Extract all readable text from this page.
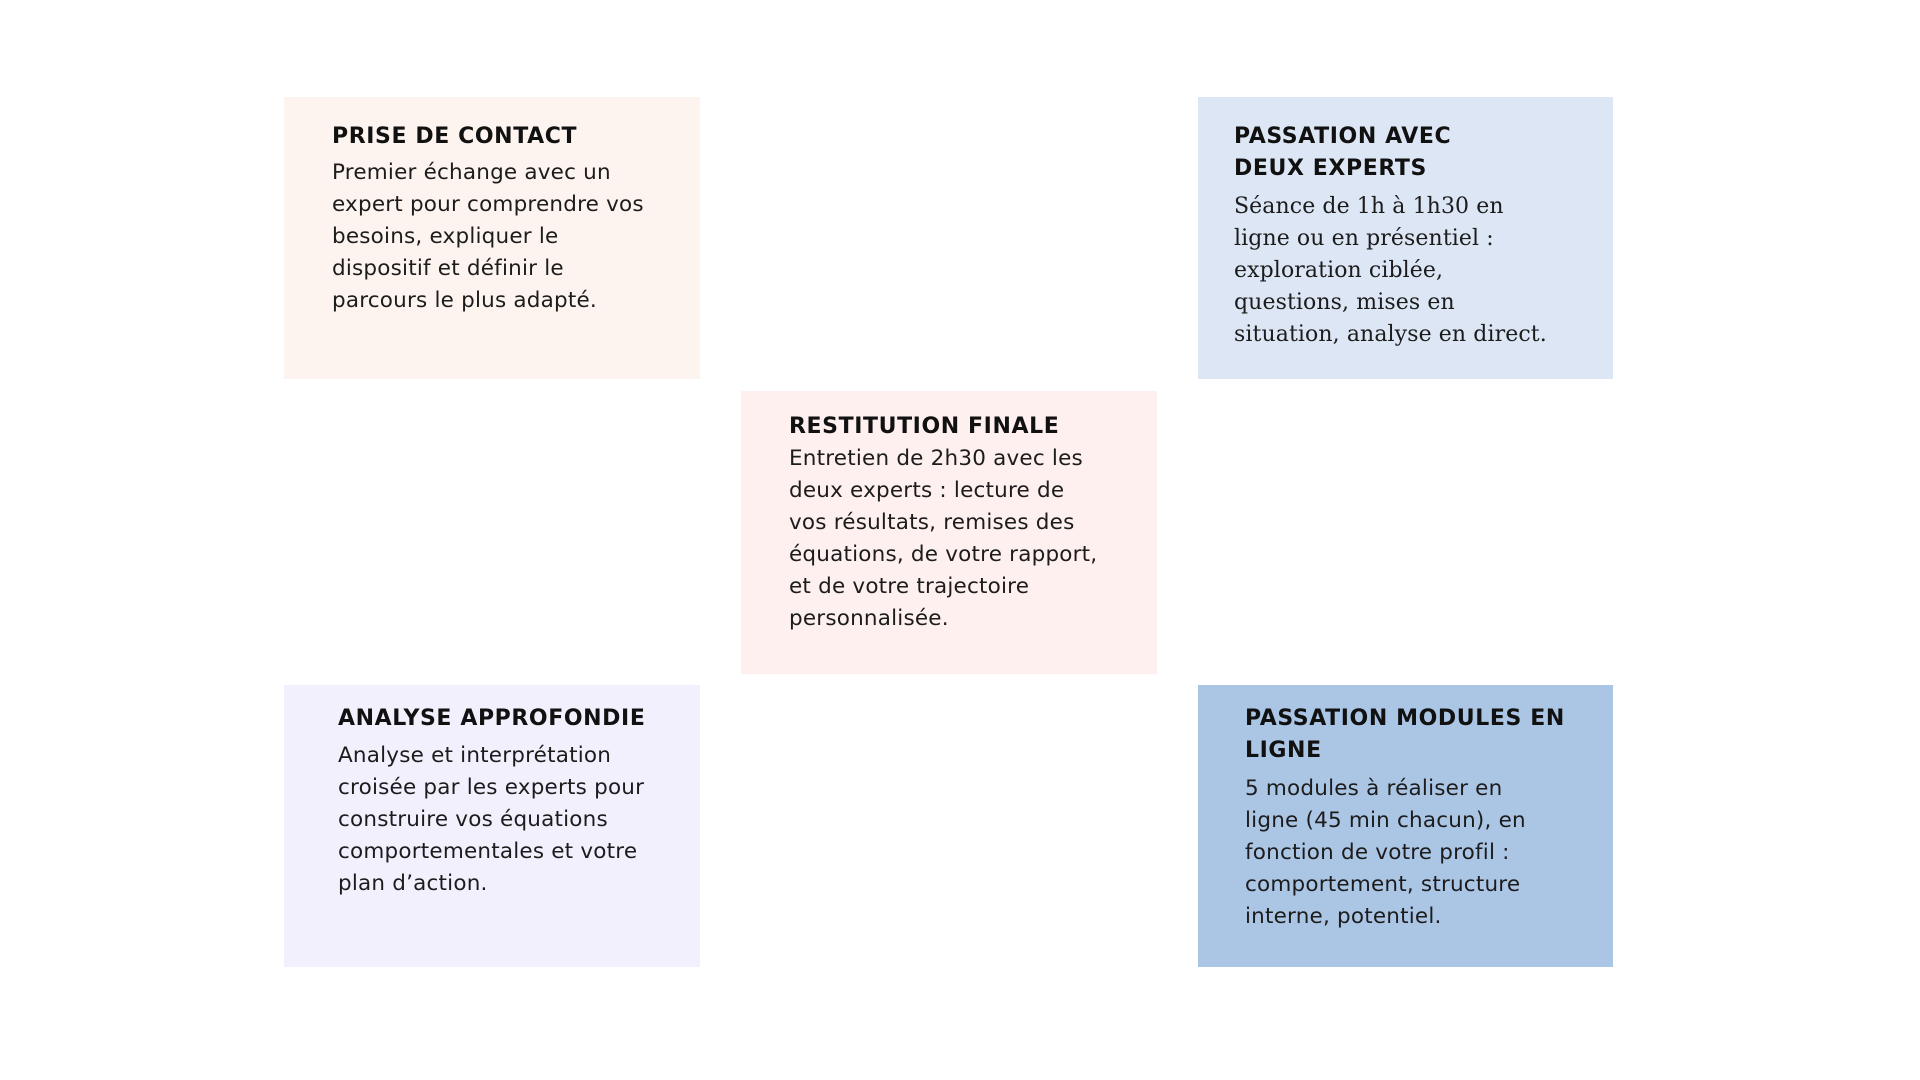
PRISE DE CONTACT
Premier échange avec un
expert pour comprendre vos
besoins, expliquer le
dispositif et définir le
parcours le plus adapté.
PASSATION AVEC
DEUX EXPERTS
Séance de 1h à 1h30 en
ligne ou en présentiel :
exploration ciblée,
questions, mises en
situation, analyse en direct.
RESTITUTION FINALE
Entretien de 2h30 avec les
deux experts : lecture de
vos résultats, remises des
équations, de votre rapport,
et de votre trajectoire
personnalisée.
ANALYSE APPROFONDIE
Analyse et interprétation
croisée par les experts pour
construire vos équations
comportementales et votre
plan d’action.
PASSATION MODULES EN
LIGNE
5 modules à réaliser en
ligne (45 min chacun), en
fonction de votre profil :
comportement, structure
interne, potentiel.
